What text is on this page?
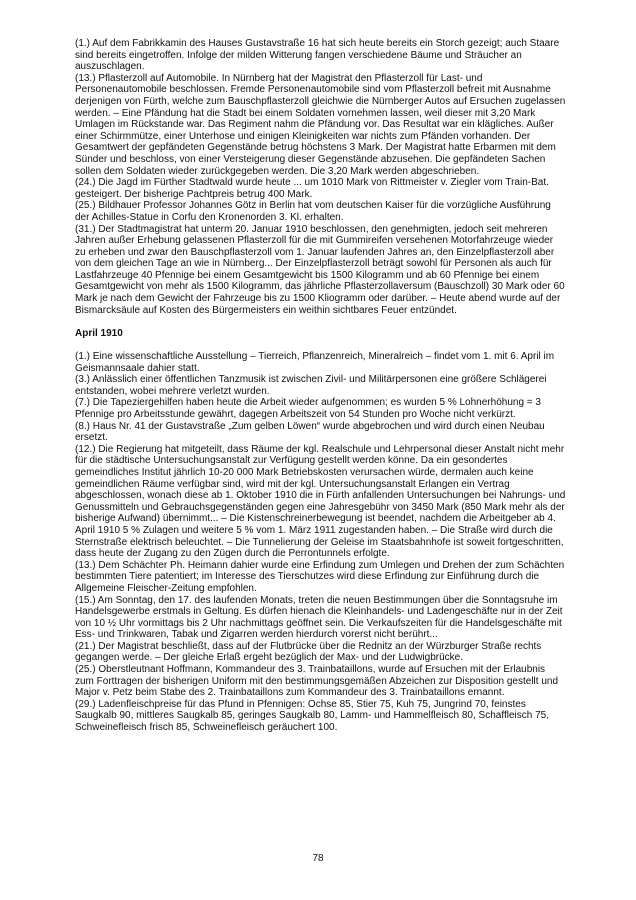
(1.) Auf dem Fabrikkamin des Hauses Gustavstraße 16 hat sich heute bereits ein Storch gezeigt; auch Staare sind bereits eingetroffen. Infolge der milden Witterung fangen verschiedene Bäume und Sträucher an auszuschlagen.

(13.) Pflasterzoll auf Automobile. In Nürnberg hat der Magistrat den Pflasterzoll für Last- und Personenautomobile beschlossen. Fremde Personenautomobile sind vom Pflasterzoll befreit mit Ausnahme derjenigen von Fürth, welche zum Bauschpflasterzoll gleichwie die Nürnberger Autos auf Ersuchen zugelassen werden. – Eine Pfändung hat die Stadt bei einem Soldaten vornehmen lassen, weil dieser mit 3,20 Mark Umlagen im Rückstande war. Das Regiment nahm die Pfändung vor. Das Resultat war ein klägliches. Außer einer Schirmmütze, einer Unterhose und einigen Kleinigkeiten war nichts zum Pfänden vorhanden. Der Gesamtwert der gepfändeten Gegenstände betrug höchstens 3 Mark. Der Magistrat hatte Erbarmen mit dem Sünder und beschloss, von einer Versteigerung dieser Gegenstände abzusehen. Die gepfändeten Sachen sollen dem Soldaten wieder zurückgegeben werden. Die 3,20 Mark werden abgeschrieben.

(24.) Die Jagd im Fürther Stadtwald wurde heute ... um 1010 Mark von Rittmeister v. Ziegler vom Train-Bat. gesteigert. Der bisherige Pachtpreis betrug 400 Mark.

(25.) Bildhauer Professor Johannes Götz in Berlin hat vom deutschen Kaiser für die vorzügliche Ausführung der Achilles-Statue in Corfu den Kronenorden 3. Kl. erhalten.

(31.) Der Stadtmagistrat hat unterm 20. Januar 1910 beschlossen, den genehmigten, jedoch seit mehreren Jahren außer Erhebung gelassenen Pflasterzoll für die mit Gummireifen versehenen Motorfahrzeuge wieder zu erheben und zwar den Bauschpflasterzoll vom 1. Januar laufenden Jahres an, den Einzelpflasterzoll aber von dem gleichen Tage an wie in Nürnberg... Der Einzelpflasterzoll beträgt sowohl für Personen als auch für Lastfahrzeuge 40 Pfennige bei einem Gesamtgewicht bis 1500 Kilogramm und ab 60 Pfennige bei einem Gesamtgewicht von mehr als 1500 Kilogramm, das jährliche Pflasterzollaversum (Bauschzoll) 30 Mark oder 60 Mark je nach dem Gewicht der Fahrzeuge bis zu 1500 Kliogramm oder darüber. – Heute abend wurde auf der Bismarcksäule auf Kosten des Bürgermeisters ein weithin sichtbares Feuer entzündet.

April 1910

(1.) Eine wissenschaftliche Ausstellung – Tierreich, Pflanzenreich, Mineralreich – findet vom 1. mit 6. April im Geismannsaale dahier statt.

(3.) Anlässlich einer öffentlichen Tanzmusik ist zwischen Zivil- und Militärpersonen eine größere Schlägerei entstanden, wobei mehrere verletzt wurden.

(7.) Die Tapeziergehilfen haben heute die Arbeit wieder aufgenommen; es wurden 5 % Lohnerhöhung = 3 Pfennige pro Arbeitsstunde gewährt, dagegen Arbeitszeit von 54 Stunden pro Woche nicht verkürzt.

(8.) Haus Nr. 41 der Gustavstraße „Zum gelben Löwen“ wurde abgebrochen und wird durch einen Neubau ersetzt.

(12.) Die Regierung hat mitgeteilt, dass Räume der kgl. Realschule und Lehrpersonal dieser Anstalt nicht mehr für die städtische Untersuchungsanstalt zur Verfügung gestellt werden könne. Da ein gesondertes gemeindliches Institut jährlich 10-20 000 Mark Betriebskosten verursachen würde, dermalen auch keine gemeindlichen Räume verfügbar sind, wird mit der kgl. Untersuchungsanstalt Erlangen ein Vertrag abgeschlossen, wonach diese ab 1. Oktober 1910 die in Fürth anfallenden Untersuchungen bei Nahrungs- und Genussmitteln und Gebrauchsgegenständen gegen eine Jahresgebühr von 3450 Mark (850 Mark mehr als der bisherige Aufwand) übernimmt... – Die Kistenschreinerbewegung ist beendet, nachdem die Arbeitgeber ab 4. April 1910 5 % Zulagen und weitere 5 % vom 1. März 1911 zugestanden haben. – Die Straße wird durch die Sternstraße elektrisch beleuchtet. – Die Tunnelierung der Geleise im Staatsbahnhofe ist soweit fortgeschritten, dass heute der Zugang zu den Zügen durch die Perrontunnels erfolgte.

(13.) Dem Schächter Ph. Heimann dahier wurde eine Erfindung zum Umlegen und Drehen der zum Schächten bestimmten Tiere patentiert; im Interesse des Tierschutzes wird diese Erfindung zur Einführung durch die Allgemeine Fleischer-Zeitung empfohlen.

(15.) Am Sonntag, den 17. des laufenden Monats, treten die neuen Bestimmungen über die Sonntagsruhe im Handelsgewerbe erstmals in Geltung. Es dürfen hienach die Kleinhandels- und Ladengeschäfte nur in der Zeit von 10 ½ Uhr vormittags bis 2 Uhr nachmittags geöffnet sein. Die Verkaufszeiten für die Handelsgeschäfte mit Ess- und Trinkwaren, Tabak und Zigarren werden hierdurch vorerst nicht berührt...

(21.) Der Magistrat beschließt, dass auf der Flutbrücke über die Rednitz an der Würzburger Straße rechts gegangen werde. – Der gleiche Erlaß ergeht bezüglich der Max- und der Ludwigbrücke.

(25.) Oberstleutnant Hoffmann, Kommandeur des 3. Trainbataillons, wurde auf Ersuchen mit der Erlaubnis zum Forttragen der bisherigen Uniform mit den bestimmungsgemäßen Abzeichen zur Disposition gestellt und Major v. Petz beim Stabe des 2. Trainbataillons zum Kommandeur des 3. Trainbataillons ernannt.

(29.) Ladenfleischpreise für das Pfund in Pfennigen: Ochse 85, Stier 75, Kuh 75, Jungrind 70, feinstes Saugkalb 90, mittleres Saugkalb 85, geringes Saugkalb 80, Lamm- und Hammelfleisch 80, Schaffleisch 75, Schweinefleisch frisch 85, Schweinefleisch geräuchert 100.

78
